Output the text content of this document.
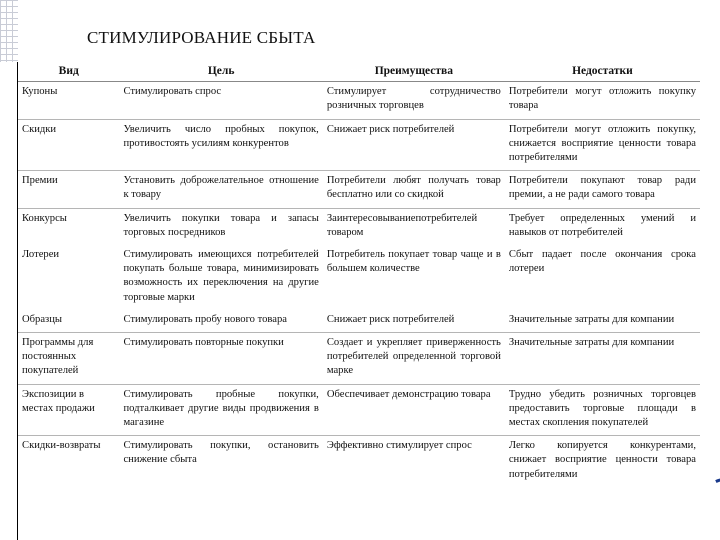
СТИМУЛИРОВАНИЕ СБЫТА
Вид	Цель	Преимущества	Недостатки
Купоны	Стимулировать спрос	Стимулирует сотрудничество розничных торговцев	Потребители могут отложить покупку товара
Скидки	Увеличить число пробных покупок, противостоять усилиям конкурентов	Снижает риск потребителей	Потребители могут отложить покупку, снижается восприятие ценности товара потребителями
Премии	Установить доброжелательное отношение к товару	Потребители любят получать товар бесплатно или со скидкой	Потребители покупают товар ради премии, а не ради самого товара
Конкурсы	Увеличить покупки товара и запасы торговых посредников	Заинтересовываниепотребителей товаром	Требует определенных умений и навыков от потребителей
Лотереи	Стимулировать имеющихся потребителей покупать больше товара, минимизировать возможность их переключения на другие торговые марки	Потребитель покупает товар чаще и в большем количестве	Сбыт падает после окончания срока лотереи
Образцы	Стимулировать пробу нового товара	Снижает риск потребителей	Значительные затраты для компании
Программы для постоянных покупателей	Стимулировать повторные покупки	Создает и укрепляет приверженность потребителей определенной торговой марке	Значительные затраты для компании
Экспозиции в местах продажи	Стимулировать пробные покупки, подталкивает другие виды продвижения в магазине	Обеспечивает демонстрацию товара	Трудно убедить розничных торговцев предоставить торговые площади в местах скопления покупателей
Скидки-возвраты	Стимулировать покупки, остановить снижение сбыта	Эффективно стимулирует спрос	Легко копируется конкурентами, снижает восприятие ценности товара потребителями
